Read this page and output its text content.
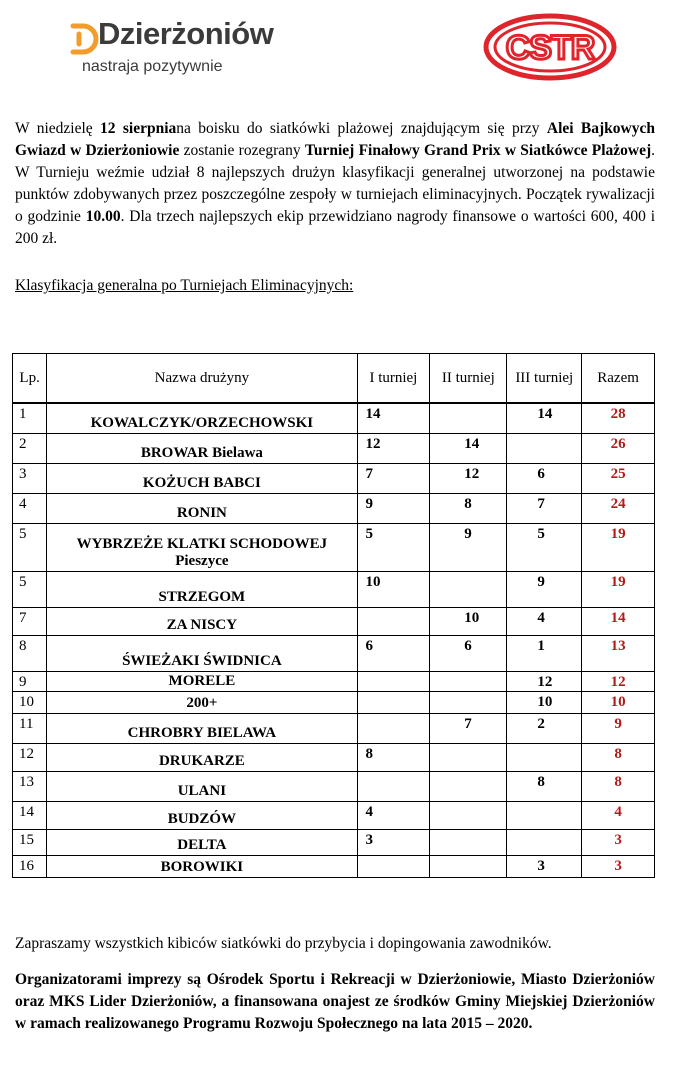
Dzierżoniów
nastraja pozytywnie	CSTR
W niedzielę 12 sierpniana boisku do siatkówki plażowej znajdującym się przy Alei Bajkowych Gwiazd w Dzierżoniowie zostanie rozegrany Turniej Finałowy Grand Prix w Siatkówce Plażowej. W Turnieju weźmie udział 8 najlepszych drużyn klasyfikacji generalnej utworzonej na podstawie punktów zdobywanych przez poszczególne zespoły w turniejach eliminacyjnych. Początek rywalizacji o godzinie 10.00. Dla trzech najlepszych ekip przewidziano nagrody finansowe o wartości 600, 400 i 200 zł.
Klasyfikacja generalna po Turniejach Eliminacyjnych:
Lp.	Nazwa drużyny	I turniej	II turniej	III turniej	Razem
1	KOWALCZYK/ORZECHOWSKI	14		14	28
2	BROWAR Bielawa	12	14		26
3	KOŻUCH BABCI	7	12	6	25
4	RONIN	9	8	7	24
5	WYBRZEŻE KLATKI SCHODOWEJ Pieszyce	5	9	5	19
5	STRZEGOM	10		9	19
7	ZA NISCY		10	4	14
8	ŚWIEŻAKI ŚWIDNICA	6	6	1	13
9	MORELE			12	12
10	200+			10	10
11	CHROBRY BIELAWA		7	2	9
12	DRUKARZE	8			8
13	ULANI			8	8
14	BUDZÓW	4			4
15	DELTA	3			3
16	BOROWIKI			3	3
Zapraszamy wszystkich kibiców siatkówki do przybycia i dopingowania zawodników.
Organizatorami imprezy są Ośrodek Sportu i Rekreacji w Dzierżoniowie, Miasto Dzierżoniów oraz MKS Lider Dzierżoniów, a finansowana onajest ze środków Gminy Miejskiej Dzierżoniów w ramach realizowanego Programu Rozwoju Społecznego na lata 2015 – 2020.
